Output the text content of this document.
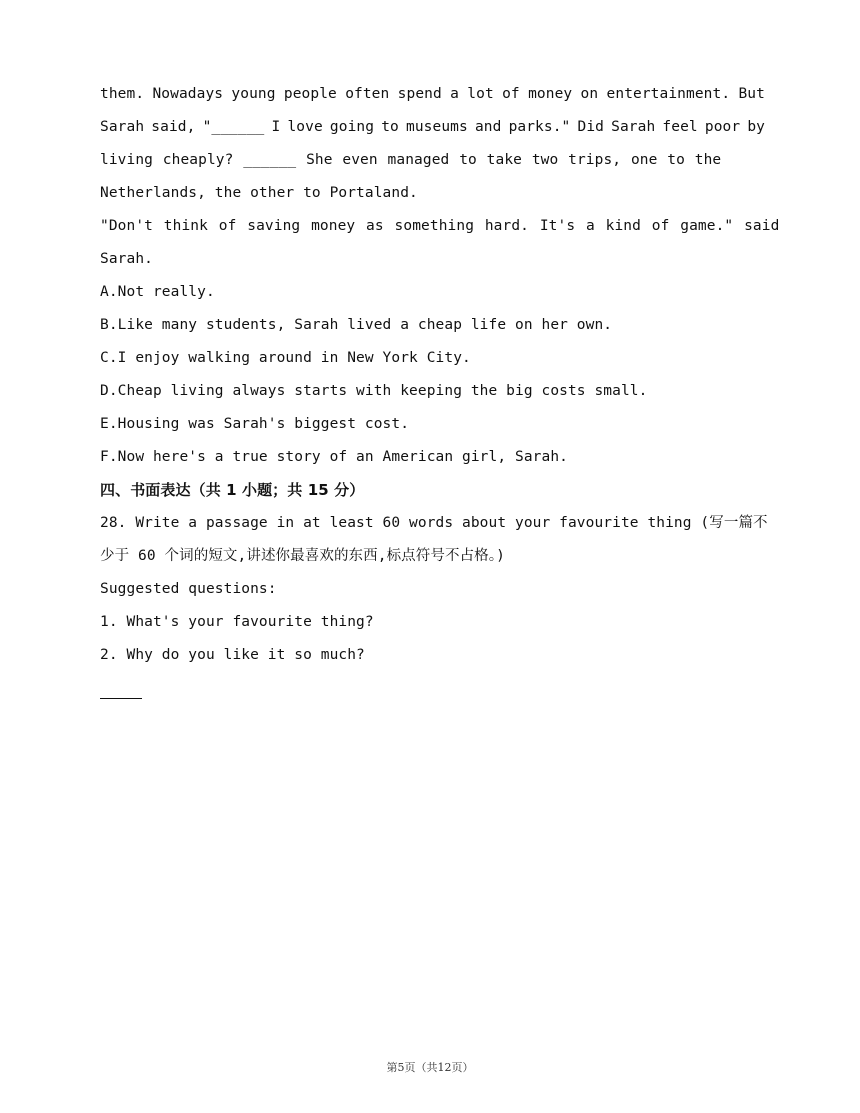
them. Nowadays young people often spend a lot of money on entertainment. But
Sarah said, "______ I love going to museums and parks." Did Sarah feel poor by
living cheaply? ______ She even managed to take two trips, one to the
Netherlands, the other to Portaland.
"Don't think of saving money as something hard. It's a kind of game." said
Sarah.
A.Not really.
B.Like many students, Sarah lived a cheap life on her own.
C.I enjoy walking around in New York City.
D.Cheap living always starts with keeping the big costs small.
E.Housing was Sarah's biggest cost.
F.Now here's a true story of an American girl, Sarah.
四、书面表达（共 1 小题；共 15 分）
28. Write a passage in at least 60 words about your favourite thing (写一篇不
少于 60 个词的短文,讲述你最喜欢的东西,标点符号不占格。)
Suggested questions:
1. What's your favourite thing?
2. Why do you like it so much?
第5页（共12页）
